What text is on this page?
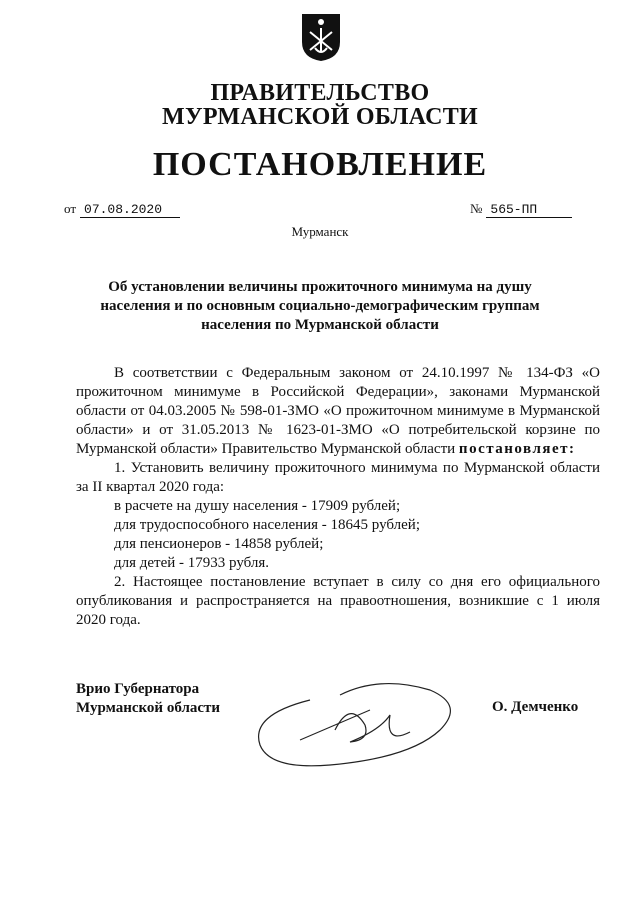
ПРАВИТЕЛЬСТВО
МУРМАНСКОЙ ОБЛАСТИ
ПОСТАНОВЛЕНИЕ
от 07.08.2020	№ 565-ПП
Мурманск
Об установлении величины прожиточного минимума на душу
населения и по основным социально-демографическим группам
населения по Мурманской области

В соответствии с Федеральным законом от 24.10.1997 № 134-ФЗ «О прожиточном минимуме в Российской Федерации», законами Мурманской области от 04.03.2005 № 598-01-ЗМО «О прожиточном минимуме в Мурманской области» и от 31.05.2013 № 1623-01-ЗМО «О потребительской корзине по Мурманской области» Правительство Мурманской области постановляет:

1. Установить величину прожиточного минимума по Мурманской области за II квартал 2020 года:

в расчете на душу населения - 17909 рублей;
для трудоспособного населения - 18645 рублей;
для пенсионеров - 14858 рублей;
для детей - 17933 рубля.

2. Настоящее постановление вступает в силу со дня его официального опубликования и распространяется на правоотношения, возникшие с 1 июля 2020 года.

Врио Губернатора
Мурманской области	О. Демченко
